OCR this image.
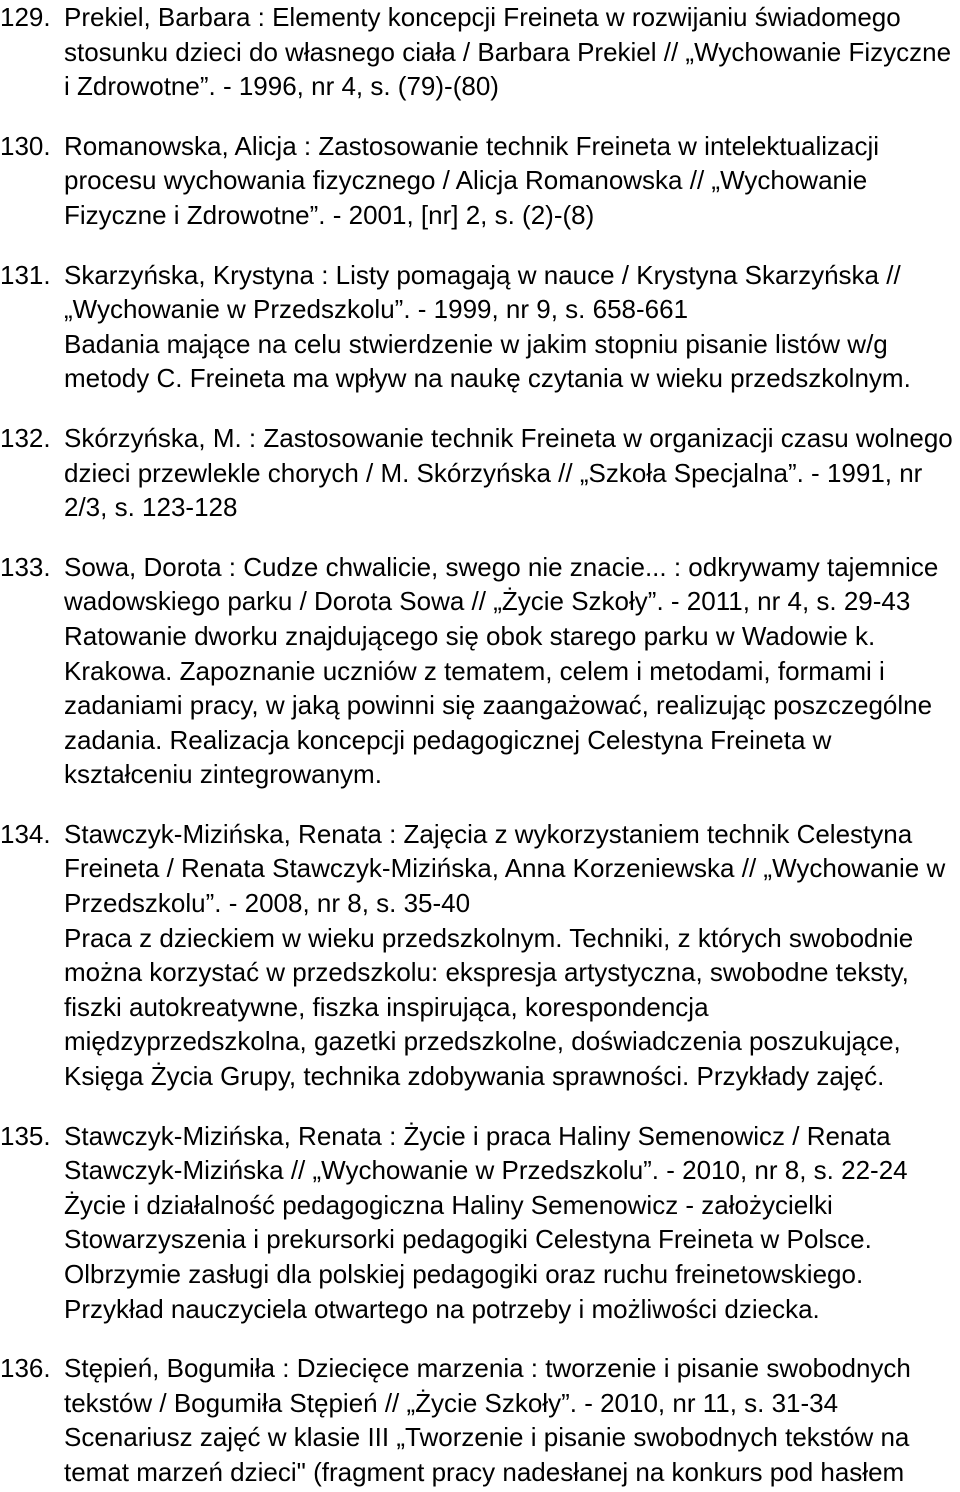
129. Prekiel, Barbara : Elementy koncepcji Freineta w rozwijaniu świadomego
stosunku dzieci do własnego ciała / Barbara Prekiel // „Wychowanie Fizyczne
i Zdrowotne”. - 1996, nr 4, s. (79)-(80)
130. Romanowska, Alicja : Zastosowanie technik Freineta w intelektualizacji
procesu wychowania fizycznego / Alicja Romanowska // „Wychowanie
Fizyczne i Zdrowotne”. - 2001, [nr] 2, s. (2)-(8)
131. Skarzyńska, Krystyna : Listy pomagają w nauce / Krystyna Skarzyńska //
„Wychowanie w Przedszkolu”. - 1999, nr 9, s. 658-661
Badania mające na celu stwierdzenie w jakim stopniu pisanie listów w/g
metody C. Freineta ma wpływ na naukę czytania w wieku przedszkolnym.
132. Skórzyńska, M. : Zastosowanie technik Freineta w organizacji czasu wolnego
dzieci przewlekle chorych / M. Skórzyńska // „Szkoła Specjalna”. - 1991, nr
2/3, s. 123-128
133. Sowa, Dorota : Cudze chwalicie, swego nie znacie... : odkrywamy tajemnice
wadowskiego parku / Dorota Sowa // „Życie Szkoły”. - 2011, nr 4, s. 29-43
Ratowanie dworku znajdującego się obok starego parku w Wadowie k.
Krakowa. Zapoznanie uczniów z tematem, celem i metodami, formami i
zadaniami pracy, w jaką powinni się zaangażować, realizując poszczególne
zadania. Realizacja koncepcji pedagogicznej Celestyna Freineta w
kształceniu zintegrowanym.
134. Stawczyk-Mizińska, Renata : Zajęcia z wykorzystaniem technik Celestyna
Freineta / Renata Stawczyk-Mizińska, Anna Korzeniewska // „Wychowanie w
Przedszkolu”. - 2008, nr 8, s. 35-40
Praca z dzieckiem w wieku przedszkolnym. Techniki, z których swobodnie
można korzystać w przedszkolu: ekspresja artystyczna, swobodne teksty,
fiszki autokreatywne, fiszka inspirująca, korespondencja
międzyprzedszkolna, gazetki przedszkolne, doświadczenia poszukujące,
Księga Życia Grupy, technika zdobywania sprawności. Przykłady zajęć.
135. Stawczyk-Mizińska, Renata : Życie i praca Haliny Semenowicz / Renata
Stawczyk-Mizińska // „Wychowanie w Przedszkolu”. - 2010, nr 8, s. 22-24
Życie i działalność pedagogiczna Haliny Semenowicz - założycielki
Stowarzyszenia i prekursorki pedagogiki Celestyna Freineta w Polsce.
Olbrzymie zasługi dla polskiej pedagogiki oraz ruchu freinetowskiego.
Przykład nauczyciela otwartego na potrzeby i możliwości dziecka.
136. Stępień, Bogumiła : Dziecięce marzenia : tworzenie i pisanie swobodnych
tekstów / Bogumiła Stępień // „Życie Szkoły”. - 2010, nr 11, s. 31-34
Scenariusz zajęć w klasie III „Tworzenie i pisanie swobodnych tekstów na
temat marzeń dzieci" (fragment pracy nadesłanej na konkurs pod hasłem
